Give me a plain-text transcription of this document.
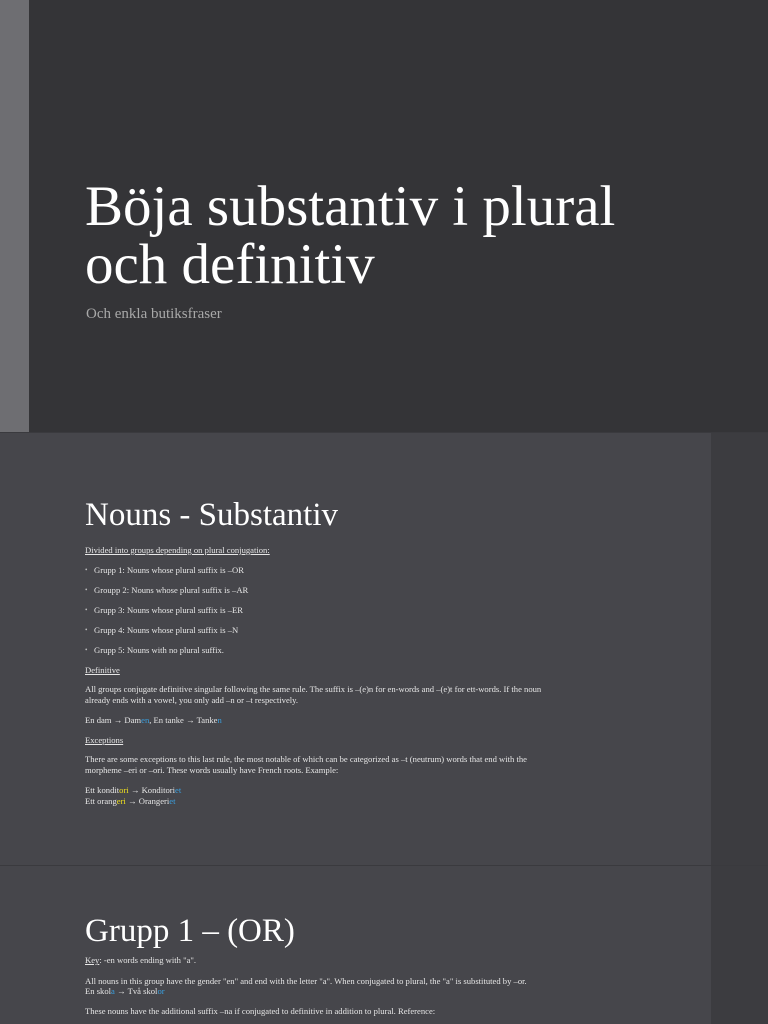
Böja substantiv i plural
och definitiv
Och enkla butiksfraser
Nouns - Substantiv

Divided into groups depending on plural conjugation:

• Grupp 1: Nouns whose plural suffix is –OR

• Groupp 2: Nouns whose plural suffix is –AR

• Grupp 3: Nouns whose plural suffix is –ER

• Grupp 4: Nouns whose plural suffix is –N

• Grupp 5: Nouns with no plural suffix.

Definitive

All groups conjugate definitive singular following the same rule. The suffix is –(e)n for en-words and –(e)t for ett-words. If the noun

already ends with a vowel, you only add –n or –t respectively.

En dam → Damen, En tanke → Tanken

Exceptions

There are some exceptions to this last rule, the most notable of which can be categorized as –t (neutrum) words that end with the

morpheme –eri or –ori. These words usually have French roots. Example:

Ett konditori → Konditoriet

Ett orangeri → Orangeriet

Grupp 1 – (OR)

Key: -en words ending with "a".

All nouns in this group have the gender "en" and end with the letter "a". When conjugated to plural, the "a" is substituted by –or.

En skola → Två skolor

These nouns have the additional suffix –na if conjugated to definitive in addition to plural. Reference:
